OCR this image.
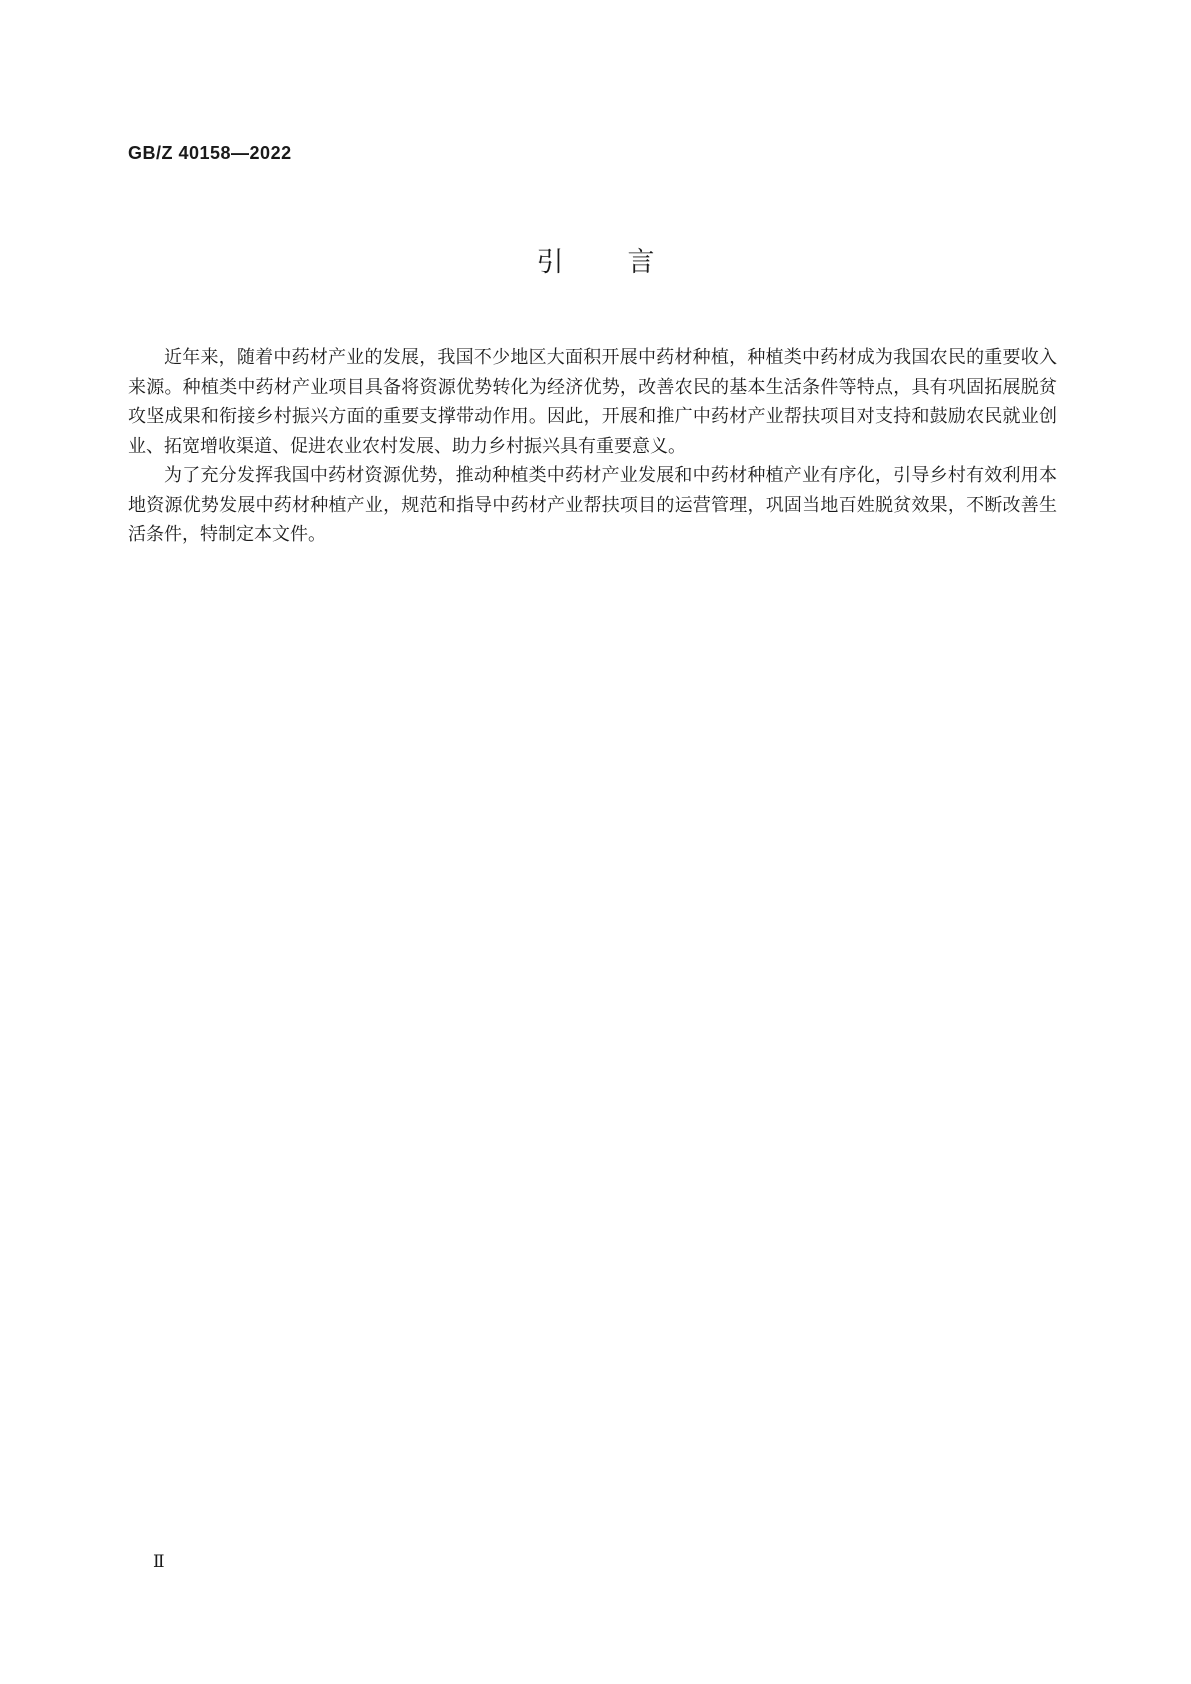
GB/Z 40158—2022
引言

近年来，随着中药材产业的发展，我国不少地区大面积开展中药材种植，种植类中药材成为我国农民的重要收入来源。种植类中药材产业项目具备将资源优势转化为经济优势，改善农民的基本生活条件等特点，具有巩固拓展脱贫攻坚成果和衔接乡村振兴方面的重要支撑带动作用。因此，开展和推广中药材产业帮扶项目对支持和鼓励农民就业创业、拓宽增收渠道、促进农业农村发展、助力乡村振兴具有重要意义。

为了充分发挥我国中药材资源优势，推动种植类中药材产业发展和中药材种植产业有序化，引导乡村有效利用本地资源优势发展中药材种植产业，规范和指导中药材产业帮扶项目的运营管理，巩固当地百姓脱贫效果，不断改善生活条件，特制定本文件。

Ⅱ
